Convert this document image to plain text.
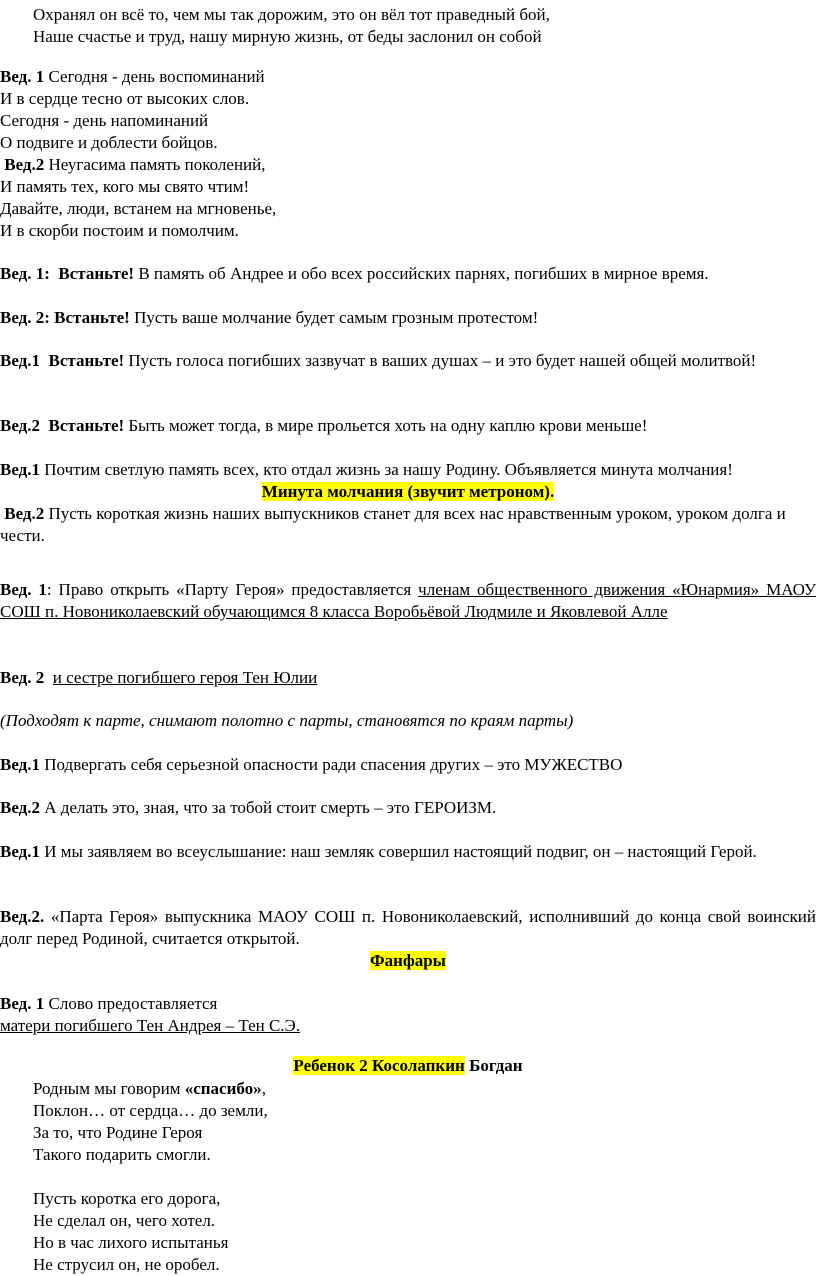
Охранял он всё то, чем мы так дорожим, это он вёл тот праведный бой,

Наше счастье и труд, нашу мирную жизнь, от беды заслонил он собой

Вед. 1 Сегодня - день воспоминаний

И в сердце тесно от высоких слов.

Сегодня - день напоминаний

О подвиге и доблести бойцов.

Вед.2 Неугасима память поколений,

И память тех, кого мы свято чтим!

Давайте, люди, встанем на мгновенье,

И в скорби постоим и помолчим.

Вед. 1: Встаньте! В память об Андрее и обо всех российских парнях, погибших в мирное время.

Вед. 2: Встаньте! Пусть ваше молчание будет самым грозным протестом!

Вед.1 Встаньте! Пусть голоса погибших зазвучат в ваших душах – и это будет нашей общей молитвой!

Вед.2 Встаньте! Быть может тогда, в мире прольется хоть на одну каплю крови меньше!

Вед.1 Почтим светлую память всех, кто отдал жизнь за нашу Родину. Объявляется минута молчания!

Минута молчания (звучит метроном).

Вед.2 Пусть короткая жизнь наших выпускников станет для всех нас нравственным уроком, уроком долга и чести.

Вед. 1: Право открыть «Парту Героя» предоставляется членам общественного движения «Юнармия» МАОУ СОШ п. Новониколаевский обучающимся 8 класса Воробьёвой Людмиле и Яковлевой Алле

Вед. 2 и сестре погибшего героя Тен Юлии

(Подходят к парте, снимают полотно с парты, становятся по краям парты)

Вед.1 Подвергать себя серьезной опасности ради спасения других – это МУЖЕСТВО

Вед.2 А делать это, зная, что за тобой стоит смерть – это ГЕРОИЗМ.

Вед.1 И мы заявляем во всеуслышание: наш земляк совершил настоящий подвиг, он – настоящий Герой.

Вед.2. «Парта Героя» выпускника МАОУ СОШ п. Новониколаевский, исполнивший до конца свой воинский долг перед Родиной, считается открытой.

Фанфары

Вед. 1 Слово предоставляется

матери погибшего Тен Андрея – Тен С.Э.

Ребенок 2 Косолапкин Богдан

Родным мы говорим «спасибо»,

Поклон… от сердца… до земли,

За то, что Родине Героя

Такого подарить смогли.

Пусть коротка его дорога,

Не сделал он, чего хотел.

Но в час лихого испытанья

Не струсил он, не оробел.
